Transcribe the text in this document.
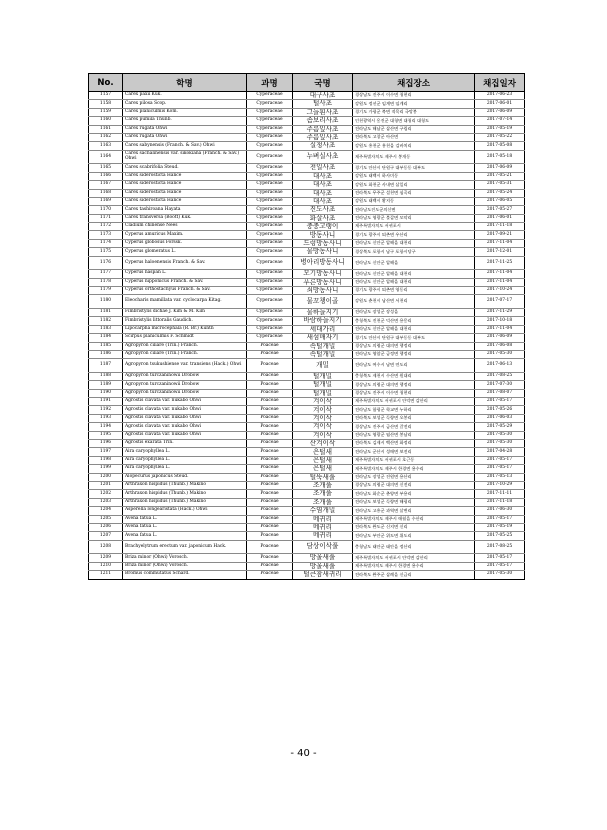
No.	학명	과명	국명	채집장소	채집일자
1157	Carex paxii Kük.	Cyperaceae	대구사초	경상남도 진주시 이수면 청현리	2017-06-23
1158	Carex pilosa Scop.	Cyperaceae	털사초	강원도 정선군 임계면 임계리	2017-06-01
1159	Carex planiculmis Kom.	Cyperaceae	그늘흰사초	경기도 가평군 북면 적목리 국망봉	2017-06-09
1160	Carex pumila Thunb.	Cyperaceae	좀보리사초	인천광역시 옹진군 대청면 대청리 대청도	2017-07-14
1161	Carex rugata Ohwi	Cyperaceae	주름잎사초	전라남도 해남군 삼산면 구림리	2017-05-19
1162	Carex rugata Ohwi	Cyperaceae	주름잎사초	전라북도 고창군 아산면	2017-05-22
1163	Carex sabynensis (Franch. & Sav.) Ohwi	Cyperaceae	실청사초	강원도 홍천군 홍천읍 검바치리	2017-05-08
1164	Carex sachalinensis var. sikokiana (Franch. & Sav.) Ohwi	Cyperaceae	누벼실사초	제주특별자치도 제주시 봉개동	2017-05-18
1165	Carex scabrifolia Steud.	Cyperaceae	천일사초	경기도 안산시 단원구 대부동동 대부도	2017-06-09
1166	Carex siderosticta Hance	Cyperaceae	대사초	강원도 태백시 하사미동	2017-05-21
1167	Carex siderosticta Hance	Cyperaceae	대사초	강원도 화천군 사내면 삼일리	2017-05-31
1168	Carex siderosticta Hance	Cyperaceae	대사초	전라북도 무주군 설천면 심곡리	2017-05-24
1169	Carex siderosticta Hance	Cyperaceae	대사초	강원도 태백시 황지동	2017-06-05
1170	Carex tashiroana Hayata	Cyperaceae	진도사초	전라남도진도군의신면	2017-05-27
1171	Carex transversa (Boott) Kük.	Cyperaceae	화살사초	전라남도 영광군 불갑면 모악리	2017-06-01
1172	Cladium chinense Nees	Cyperaceae	충충고랭이	제주특별자치도 서귀포시	2017-11-18
1173	Cyperus amuricus Maxim.	Cyperaceae	방동사니	경기도 광주시 퇴촌면 우산리	2017-09-21
1174	Cyperus globosus Forssk.	Cyperaceae	드렁방동사니	전라남도 신안군 압해읍 대천리	2017-11-04
1175	Cyperus glomeratus L.	Cyperaceae	물방동사니	경상북도 포항시 남구 포항시당구	2017-12-01
1176	Cyperus haloenensis Franch. & Sav.	Cyperaceae	병아리방동사니	전라남도 신안군 압해읍	2017-11-25
1177	Cyperus haspan L.	Cyperaceae	모기방동사니	전라남도 신안군 압해읍 대천리	2017-11-04
1178	Cyperus nipponicus Franch. & Sav.	Cyperaceae	푸른방동사니	전라남도 신안군 압해읍 대천리	2017-11-04
1179	Cyperus orthostachyus Franch. & Sav.	Cyperaceae	쇠방동사니	경기도 광주시 퇴촌면 영동리	2017-10-24
1180	Eleocharis mamillata var. cyclocarpa Kitag.	Cyperaceae	물꼬챙이골	강원도 춘천시 남산면 서천리	2017-07-17
1181	Fimbristylis dichae J. Kim & M. Kim	Cyperaceae	물하늘지기	전라남도 장성군 장성읍	2017-11-29
1182	Fimbristylis littoralis Gaudich.	Cyperaceae	바람하늘지기	충청북도 진천군 덕산면 용몽리	2017-10-18
1183	Lipocarpha microcephala (R. Br.) Kunth	Cyperaceae	세대가리	전라남도 신안군 압해읍 대천리	2017-11-04
1184	Scirpus planiculmis F. Schmidt	Cyperaceae	새섬매자기	경기도 안산시 단원구 대부동동 대부도	2017-06-09
1185	Agropyron ciliare (Trin.) Franch.	Poaceae	속털개밀	경상남도 의령군 대의면 행정리	2017-06-08
1186	Agropyron ciliare (Trin.) Franch.	Poaceae	속털개밀	전라남도 영암군 금정면 행정리	2017-05-30
1187	Agropyron tsukushiense var. transiens (Hack.) Ohwi	Poaceae	개밀	전라남도 여수시 남면 연도리	2017-06-13
1188	Agropyron turczaninowii Drobow	Poaceae	털개밀	충청북도 제천시 수산면 원대리	2017-08-25
1189	Agropyron turczaninowii Drobow	Poaceae	털개밀	경상남도 의령군 대의면 행정리	2017-07-30
1190	Agropyron turczaninowii Drobow	Poaceae	털개밀	경상남도 진주시 이수면 청현리	2017-08-07
1191	Agrostis clavata var. nukabo Ohwi	Poaceae	겨이삭	제주특별자치도 서귀포시 안덕면 감산리	2017-05-17
1192	Agrostis clavata var. nukabo Ohwi	Poaceae	겨이삭	전라남도 함평군 학교면 누하리	2017-05-26
1193	Agrostis clavata var. nukabo Ohwi	Poaceae	겨이삭	전라북도 보성군 득량면 오봉리	2017-06-03
1194	Agrostis clavata var. nukabo Ohwi	Poaceae	겨이삭	경상남도 진주시 금산면 갈전리	2017-05-29
1195	Agrostis clavata var. nukabo Ohwi	Poaceae	겨이삭	전라남도 영광군 염산면 봉남리	2017-05-30
1196	Agrostis exarata Trin.	Poaceae	산겨이삭	전라북도 김제시 백산면 화정리	2017-05-30
1197	Aira caryophyllea L.	Poaceae	은털새	전라남도 군산시 성매면 보전리	2017-04-28
1198	Aira caryophyllea L.	Poaceae	은털새	제주특별자치도 서귀포시 호근동	2017-05-17
1199	Aira caryophyllea L.	Poaceae	은털새	제주특별자치도 제주시 한경면 용수리	2017-05-17
1200	Alopecurus japonicus Steud.	Poaceae	털뚝새풀	전라남도 장성군 진원면 용산리	2017-05-13
1201	Arthraxon hispidus (Thunb.) Makino	Poaceae	조개풀	경상남도 의령군 대의면 신전리	2017-10-29
1202	Arthraxon hispidus (Thunb.) Makino	Poaceae	조개풀	전라남도 화순군 춘양면 부용리	2017-11-11
1203	Arthraxon hispidus (Thunb.) Makino	Poaceae	조개풀	전라남도 보성군 득량면 해평리	2017-11-18
1204	Asperella longearistata (Hack.) Ohwi	Poaceae	수염개밀	전라남도 고흥군 과역면 살변리	2017-06-30
1205	Avena fatua L.	Poaceae	메귀리	제주특별자치도 제주시 애월읍 수산리	2017-05-17
1206	Avena fatua L.	Poaceae	메귀리	전라북도 완도군 신지면 신리	2017-05-19
1207	Avena fatua L.	Poaceae	메귀리	전라남도 부안군 위도면 위도리	2017-05-25
1208	Brachyelytrum erectum var. japonicum Hack.	Poaceae	담상이삭풀	충청남도 태안군 태안읍 정산리	2017-08-25
1209	Briza minor (Ohwi) Vorosch.	Poaceae	방울새풀	제주특별자치도 서귀포시 안덕면 감산리	2017-05-17
1210	Briza minor (Ohwi) Vorosch.	Poaceae	방울새풀	제주특별자치도 제주시 한경면 용수리	2017-05-17
1211	Bromus commutatus Schard.	Poaceae	털큰참새귀리	전라북도 완주군 삼례읍 신금리	2017-05-30
- 40 -
